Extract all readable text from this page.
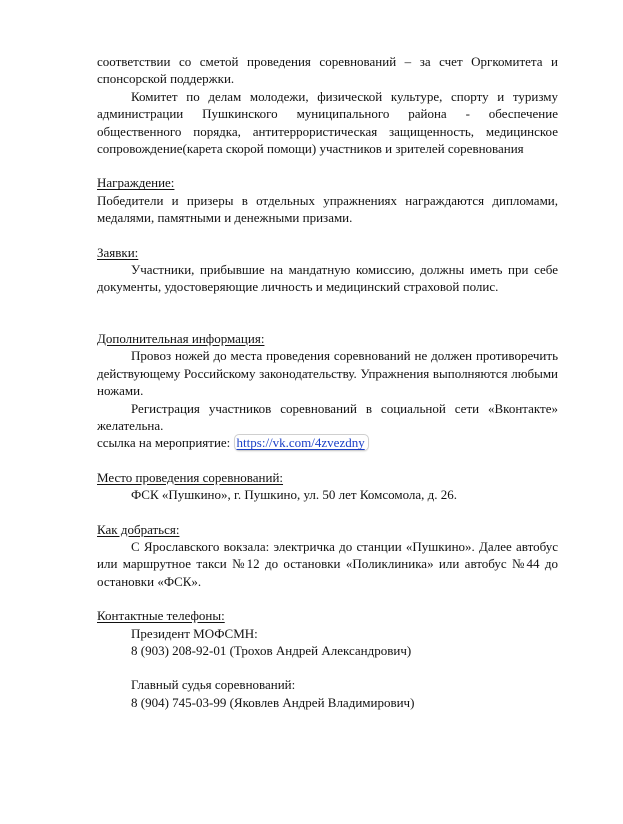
соответствии со сметой проведения соревнований – за счет Оргкомитета и спонсорской поддержки.

Комитет по делам молодежи, физической культуре, спорту и туризму администрации Пушкинского муниципального района - обеспечение общественного порядка, антитеррористическая защищенность, медицинское сопровождение(карета скорой помощи) участников и зрителей соревнования

Награждение:

Победители и призеры в отдельных упражнениях награждаются дипломами, медалями, памятными и денежными призами.

Заявки:

Участники, прибывшие на мандатную комиссию, должны иметь при себе документы, удостоверяющие личность и медицинский страховой полис.

Дополнительная информация:

Провоз ножей до места проведения соревнований не должен противоречить действующему Российскому законодательству. Упражнения выполняются любыми ножами.

Регистрация участников соревнований в социальной сети «Вконтакте» желательна.

ссылка на мероприятие: https://vk.com/4zvezdny

Место проведения соревнований:

ФСК «Пушкино», г. Пушкино, ул. 50 лет Комсомола, д. 26.

Как добраться:

С Ярославского вокзала: электричка до станции «Пушкино». Далее автобус или маршрутное такси №12 до остановки «Поликлиника» или автобус №44 до остановки «ФСК».

Контактные телефоны:

Президент МОФСМН:

8 (903) 208-92-01 (Трохов Андрей Александрович)

Главный судья соревнований:

8 (904) 745-03-99 (Яковлев Андрей Владимирович)
